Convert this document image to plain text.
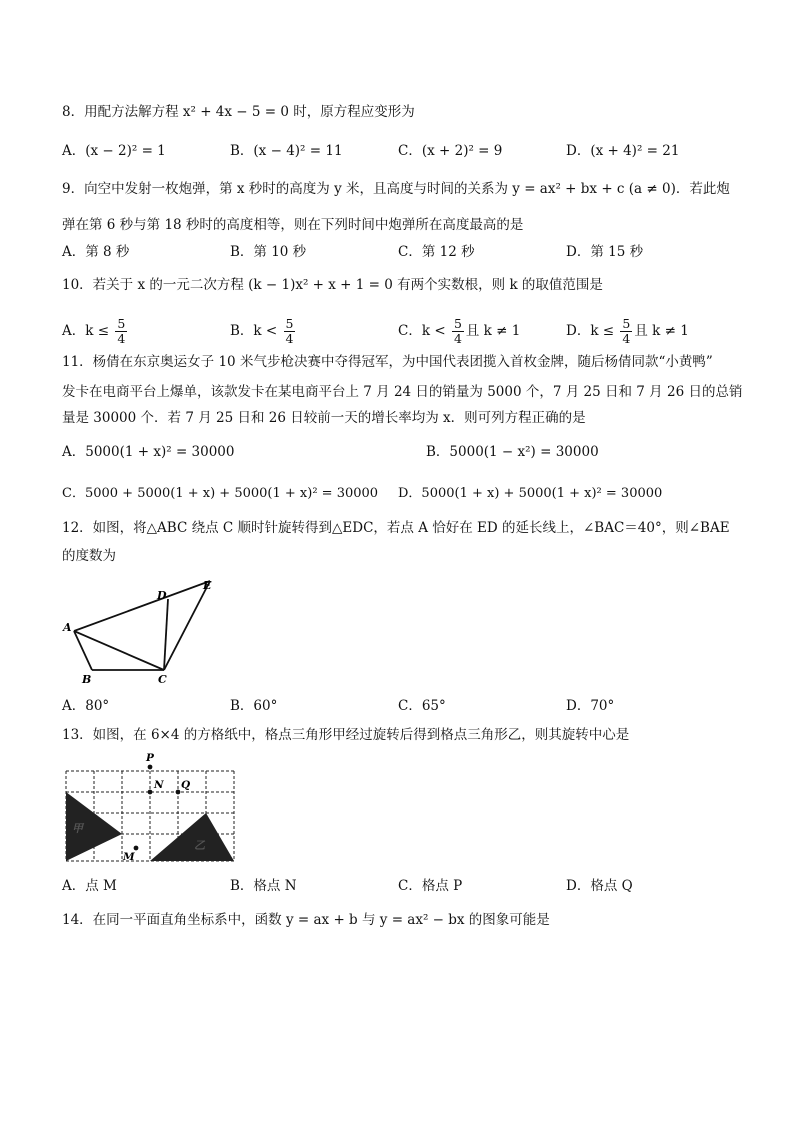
8．用配方法解方程 x² + 4x − 5 = 0 时，原方程应变形为
A．(x − 2)² = 1	B．(x − 4)² = 11	C．(x + 2)² = 9	D．(x + 4)² = 21
9．向空中发射一枚炮弹，第 x 秒时的高度为 y 米，且高度与时间的关系为 y = ax² + bx + c (a ≠ 0)．若此炮
弹在第 6 秒与第 18 秒时的高度相等，则在下列时间中炮弹所在高度最高的是
A．第 8 秒	B．第 10 秒	C．第 12 秒	D．第 15 秒
10．若关于 x 的一元二次方程 (k − 1)x² + x + 1 = 0 有两个实数根，则 k 的取值范围是
A．$k \le \frac{5}{4}$	B．$k < \frac{5}{4}$	C．$k < \frac{5}{4}$ 且 k ≠ 1	D．$k \le \frac{5}{4}$ 且 k ≠ 1
11．杨倩在东京奥运女子 10 米气步枪决赛中夺得冠军，为中国代表团揽入首枚金牌，随后杨倩同款“小黄鸭”
发卡在电商平台上爆单，该款发卡在某电商平台上 7 月 24 日的销量为 5000 个，7 月 25 日和 7 月 26 日的总销
量是 30000 个．若 7 月 25 日和 26 日较前一天的增长率均为 x．则可列方程正确的是
A．5000(1 + x)² = 30000	B．5000(1 − x²) = 30000
C．5000 + 5000(1 + x) + 5000(1 + x)² = 30000 D．5000(1 + x) + 5000(1 + x)² = 30000
12．如图，将△ABC 绕点 C 顺时针旋转得到△EDC，若点 A 恰好在 ED 的延长线上，∠BAC＝40°，则∠BAE
的度数为
A
B	C
D
E
A．80°	B．60°	C．65°	D．70°
13．如图，在 6×4 的方格纸中，格点三角形甲经过旋转后得到格点三角形乙，则其旋转中心是
P
N Q
M
甲
乙
A．点 M	B．格点 N	C．格点 P	D．格点 Q
14．在同一平面直角坐标系中，函数 y = ax + b 与 y = ax² − bx 的图象可能是
